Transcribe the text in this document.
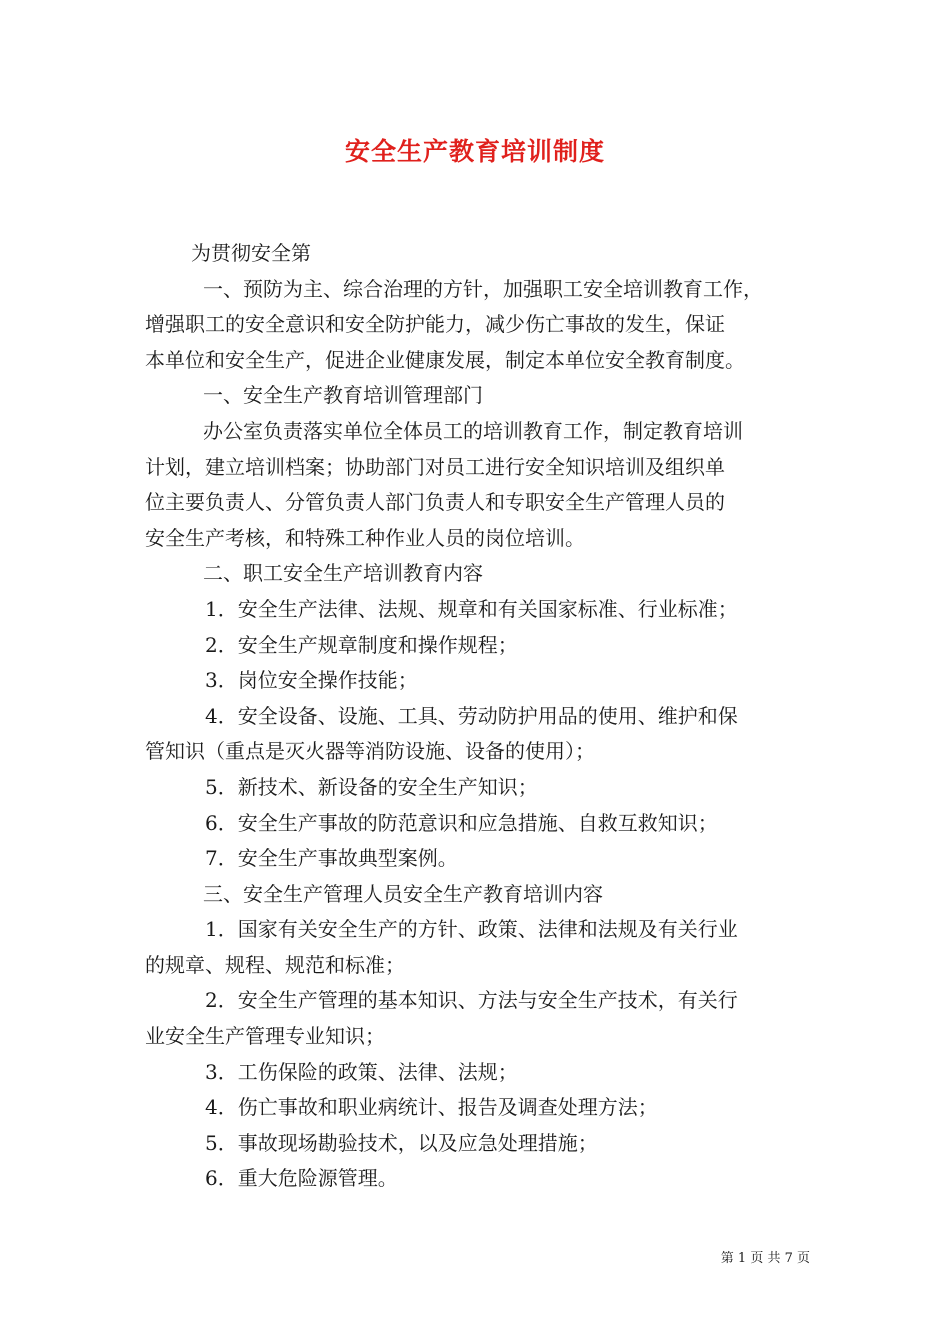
安全生产教育培训制度

为贯彻安全第

一、预防为主、综合治理的方针，加强职工安全培训教育工作，

增强职工的安全意识和安全防护能力，减少伤亡事故的发生，保证

本单位和安全生产，促进企业健康发展，制定本单位安全教育制度。

一、安全生产教育培训管理部门

办公室负责落实单位全体员工的培训教育工作，制定教育培训

计划，建立培训档案；协助部门对员工进行安全知识培训及组织单

位主要负责人、分管负责人部门负责人和专职安全生产管理人员的

安全生产考核，和特殊工种作业人员的岗位培训。

二、职工安全生产培训教育内容

1．安全生产法律、法规、规章和有关国家标准、行业标准；

2．安全生产规章制度和操作规程；

3．岗位安全操作技能；

4．安全设备、设施、工具、劳动防护用品的使用、维护和保

管知识（重点是灭火器等消防设施、设备的使用）；

5．新技术、新设备的安全生产知识；

6．安全生产事故的防范意识和应急措施、自救互救知识；

7．安全生产事故典型案例。

三、安全生产管理人员安全生产教育培训内容

1．国家有关安全生产的方针、政策、法律和法规及有关行业

的规章、规程、规范和标准；

2．安全生产管理的基本知识、方法与安全生产技术，有关行

业安全生产管理专业知识；

3．工伤保险的政策、法律、法规；

4．伤亡事故和职业病统计、报告及调查处理方法；

5．事故现场勘验技术，以及应急处理措施；

6．重大危险源管理。

第 1 页 共 7 页
